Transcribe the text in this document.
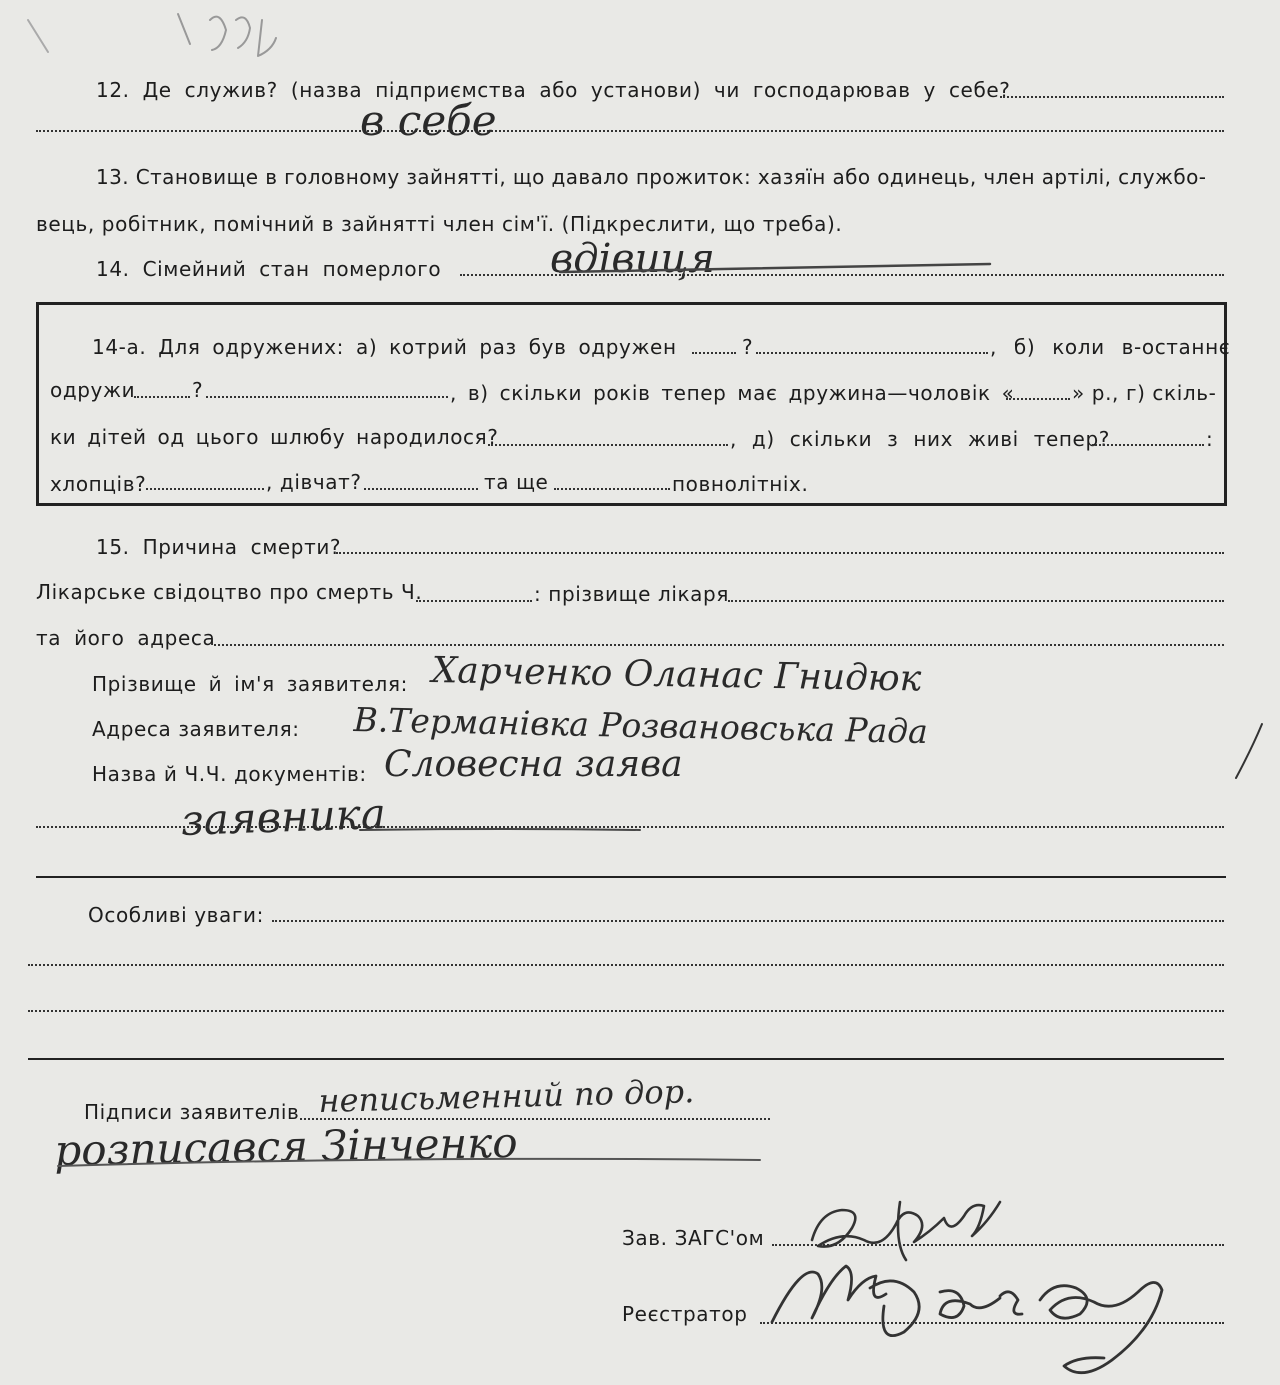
12. Де служив? (назва підприємства або установи) чи господарював у себе?
в себе
13. Становище в головному зайнятті, що давало прожиток: хазяїн або одинець, член артілі, службо-
вець, робітник, помічний в зайнятті член сім'ї. (Підкреслити, що треба).
14. Сімейний стан померлого	вдівиця
14-а. Для одружених: а) котрий раз був одружен	?	, б) коли в-останнє
одружи	?	, в) скільки років тепер має дружина—чоловік «	» р., г) скіль-
ки дітей од цього шлюбу народилося?	, д) скільки з них живі тепер?	:
хлопців?	, дівчат?	та ще	повнолітніх.
15. Причина смерти?
Лікарське свідоцтво про смерть Ч.	: прізвище лікаря
та його адреса
Прізвище й ім'я заявителя: Харченко Оланас Гнидюк
Адреса заявителя: В.Терманівка Розвановська Рада
Назва й Ч.Ч. документів: Словесна заява
заявника
Особливі уваги:
Підписи заявителів неписьменний по дор.
розписався Зінченко
Зав. ЗАГС'ом
Реєстратор
